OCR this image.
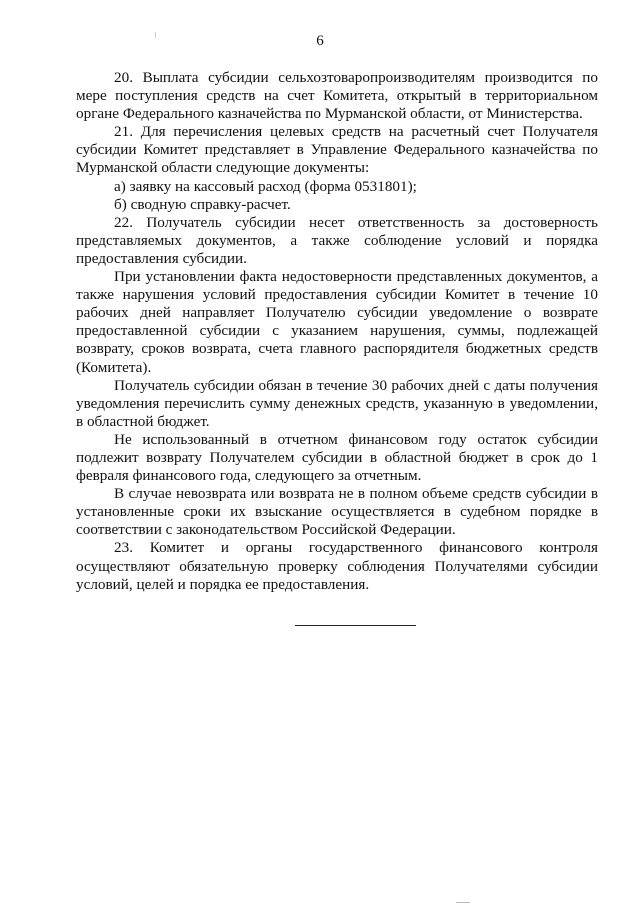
6

20. Выплата субсидии сельхозтоваропроизводителям производится по мере поступления средств на счет Комитета, открытый в территориальном органе Федерального казначейства по Мурманской области, от Министерства.

21. Для перечисления целевых средств на расчетный счет Получателя субсидии Комитет представляет в Управление Федерального казначейства по Мурманской области следующие документы:

а) заявку на кассовый расход (форма 0531801);

б) сводную справку-расчет.

22. Получатель субсидии несет ответственность за достоверность представляемых документов, а также соблюдение условий и порядка предоставления субсидии.

При установлении факта недостоверности представленных документов, а также нарушения условий предоставления субсидии Комитет в течение 10 рабочих дней направляет Получателю субсидии уведомление о возврате предоставленной субсидии с указанием нарушения, суммы, подлежащей возврату, сроков возврата, счета главного распорядителя бюджетных средств (Комитета).

Получатель субсидии обязан в течение 30 рабочих дней с даты получения уведомления перечислить сумму денежных средств, указанную в уведомлении, в областной бюджет.

Не использованный в отчетном финансовом году остаток субсидии подлежит возврату Получателем субсидии в областной бюджет в срок до 1 февраля финансового года, следующего за отчетным.

В случае невозврата или возврата не в полном объеме средств субсидии в установленные сроки их взыскание осуществляется в судебном порядке в соответствии с законодательством Российской Федерации.

23. Комитет и органы государственного финансового контроля осуществляют обязательную проверку соблюдения Получателями субсидии условий, целей и порядка ее предоставления.
